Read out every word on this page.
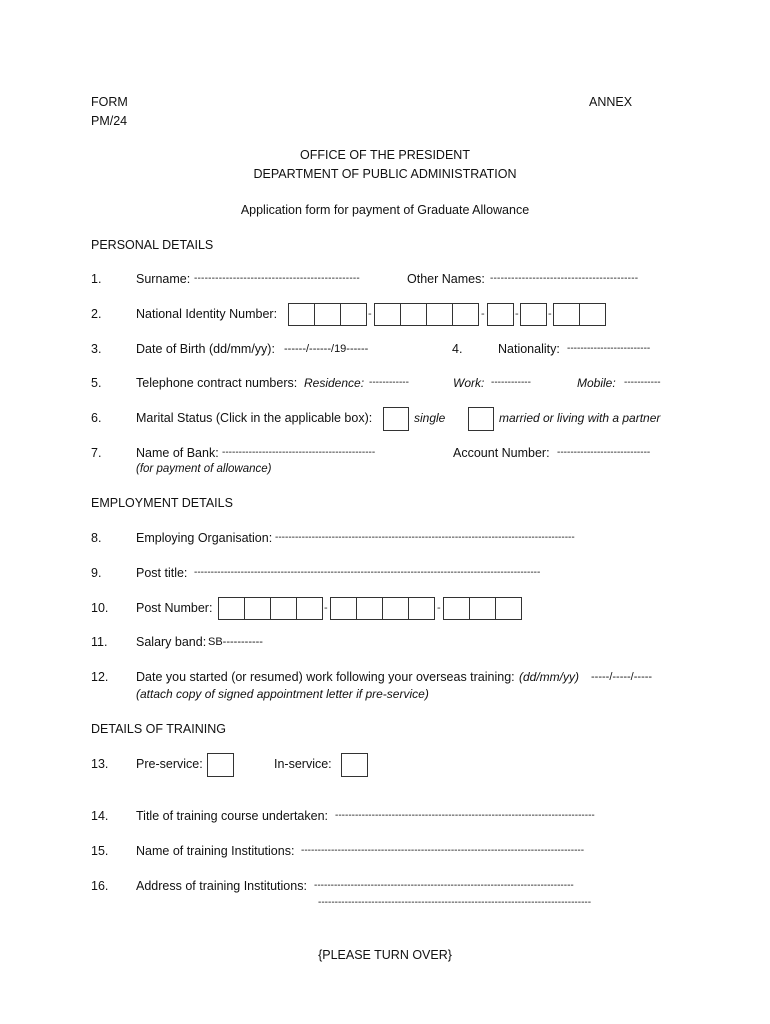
FORM
PM/24
ANNEX
OFFICE OF THE PRESIDENT
DEPARTMENT OF PUBLIC ADMINISTRATION
Application form for payment of Graduate Allowance
PERSONAL DETAILS
1.	Surname: -----------------------------------------------	Other Names: ------------------------------------------
2.	National Identity Number:	-	-	-	-
3.	Date of Birth (dd/mm/yy): ------/------/19------	4.	Nationality: -------------------------
5.	Telephone contract numbers: Residence: ------------	Work: ------------	Mobile: -----------
6.	Marital Status (Click in the applicable box):	single	married or living with a partner
7.	Name of Bank: ----------------------------------------------
(for payment of allowance)
Account Number: ----------------------------
EMPLOYMENT DETAILS
8.	Employing Organisation: ------------------------------------------------------------------------------------------
9.	Post title: --------------------------------------------------------------------------------------------------------
10. Post Number:	-	-
11. Salary band: SB-----------
12. Date you started (or resumed) work following your overseas training: (dd/mm/yy) -----/-----/-----
(attach copy of signed appointment letter if pre-service)
DETAILS OF TRAINING
13. Pre-service:	In-service:
14. Title of training course undertaken: ------------------------------------------------------------------------------
15. Name of training Institutions: -------------------------------------------------------------------------------------
16. Address of training Institutions: ------------------------------------------------------------------------------
----------------------------------------------------------------------------------
{PLEASE TURN OVER}
